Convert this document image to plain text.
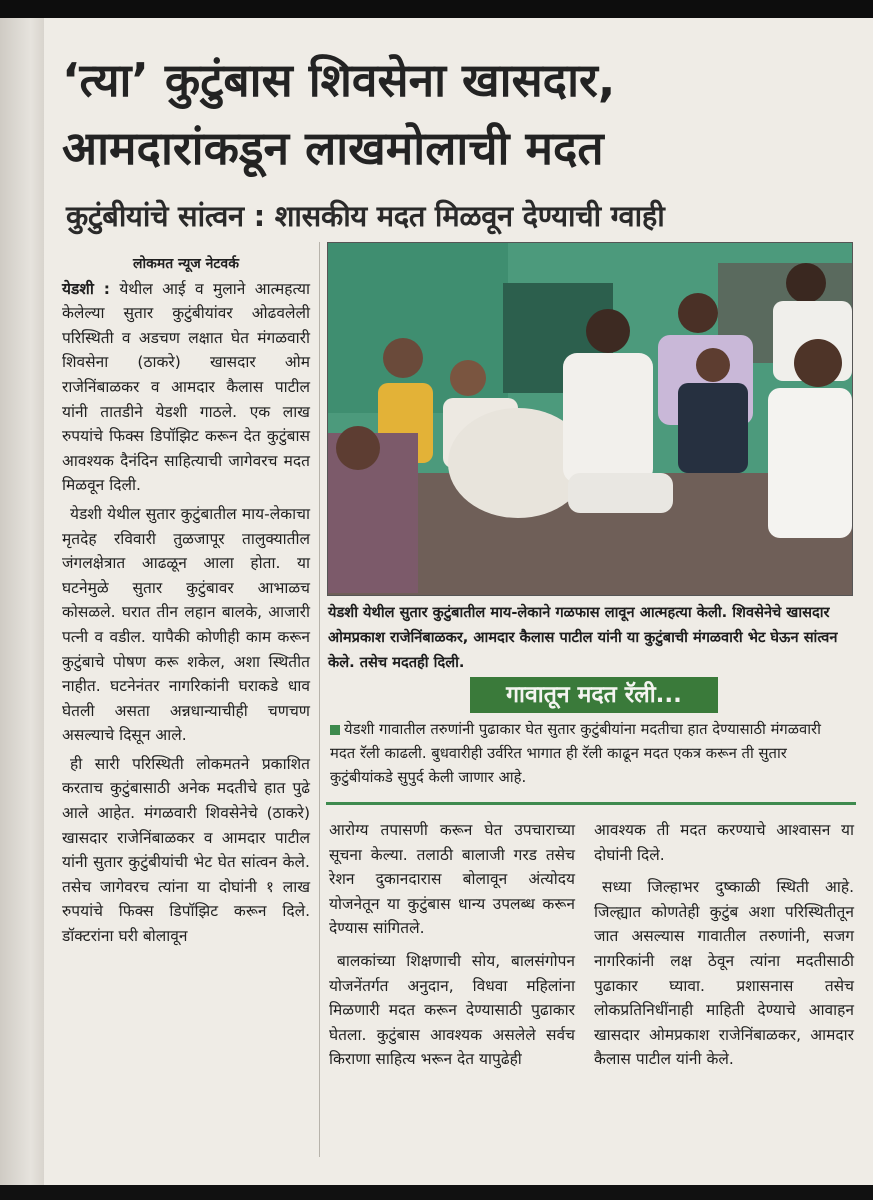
‘त्या’ कुटुंबास शिवसेना खासदार,
आमदारांकडून लाखमोलाची मदत
कुटुंबीयांचे सांत्वन : शासकीय मदत मिळवून देण्याची ग्वाही

लोकमत न्यूज नेटवर्क

येडशी : येथील आई व मुलाने आत्महत्या केलेल्या सुतार कुटुंबीयांवर ओढवलेली परिस्थिती व अडचण लक्षात घेत मंगळवारी शिवसेना (ठाकरे) खासदार ओम राजेनिंबाळकर व आमदार कैलास पाटील यांनी तातडीने येडशी गाठले. एक लाख रुपयांचे फिक्स डिपॉझिट करून देत कुटुंबास आवश्यक दैनंदिन साहित्याची जागेवरच मदत मिळवून दिली.

येडशी येथील सुतार कुटुंबातील माय-लेकाचा मृतदेह रविवारी तुळजापूर तालुक्यातील जंगलक्षेत्रात आढळून आला होता. या घटनेमुळे सुतार कुटुंबावर आभाळच कोसळले. घरात तीन लहान बालके, आजारी पत्नी व वडील. यापैकी कोणीही काम करून कुटुंबाचे पोषण करू शकेल, अशा स्थितीत नाहीत. घटनेनंतर नागरिकांनी घराकडे धाव घेतली असता अन्नधान्याचीही चणचण असल्याचे दिसून आले.

ही सारी परिस्थिती लोकमतने प्रकाशित करताच कुटुंबासाठी अनेक मदतीचे हात पुढे आले आहेत. मंगळवारी शिवसेनेचे (ठाकरे) खासदार राजेनिंबाळकर व आमदार पाटील यांनी सुतार कुटुंबीयांची भेट घेत सांत्वन केले. तसेच जागेवरच त्यांना या दोघांनी १ लाख रुपयांचे फिक्स डिपॉझिट करून दिले. डॉक्टरांना घरी बोलावून

येडशी येथील सुतार कुटुंबातील माय-लेकाने गळफास लावून आत्महत्या केली. शिवसेनेचे खासदार ओमप्रकाश राजेनिंबाळकर, आमदार कैलास पाटील यांनी या कुटुंबाची मंगळवारी भेट घेऊन सांत्वन केले. तसेच मदतही दिली.
गावातून मदत रॅली...
येडशी गावातील तरुणांनी पुढाकार घेत सुतार कुटुंबीयांना मदतीचा हात देण्यासाठी मंगळवारी मदत रॅली काढली. बुधवारीही उर्वरित भागात ही रॅली काढून मदत एकत्र करून ती सुतार कुटुंबीयांकडे सुपुर्द केली जाणार आहे.

आरोग्य तपासणी करून घेत उपचाराच्या सूचना केल्या. तलाठी बालाजी गरड तसेच रेशन दुकानदारास बोलावून अंत्योदय योजनेतून या कुटुंबास धान्य उपलब्ध करून देण्यास सांगितले.

बालकांच्या शिक्षणाची सोय, बालसंगोपन योजनेंतर्गत अनुदान, विधवा महिलांना मिळणारी मदत करून देण्यासाठी पुढाकार घेतला. कुटुंबास आवश्यक असलेले सर्वच किराणा साहित्य भरून देत यापुढेही

आवश्यक ती मदत करण्याचे आश्वासन या दोघांनी दिले.

सध्या जिल्हाभर दुष्काळी स्थिती आहे. जिल्ह्यात कोणतेही कुटुंब अशा परिस्थितीतून जात असल्यास गावातील तरुणांनी, सजग नागरिकांनी लक्ष ठेवून त्यांना मदतीसाठी पुढाकार घ्यावा. प्रशासनास तसेच लोकप्रतिनिधींनाही माहिती देण्याचे आवाहन खासदार ओमप्रकाश राजेनिंबाळकर, आमदार कैलास पाटील यांनी केले.
